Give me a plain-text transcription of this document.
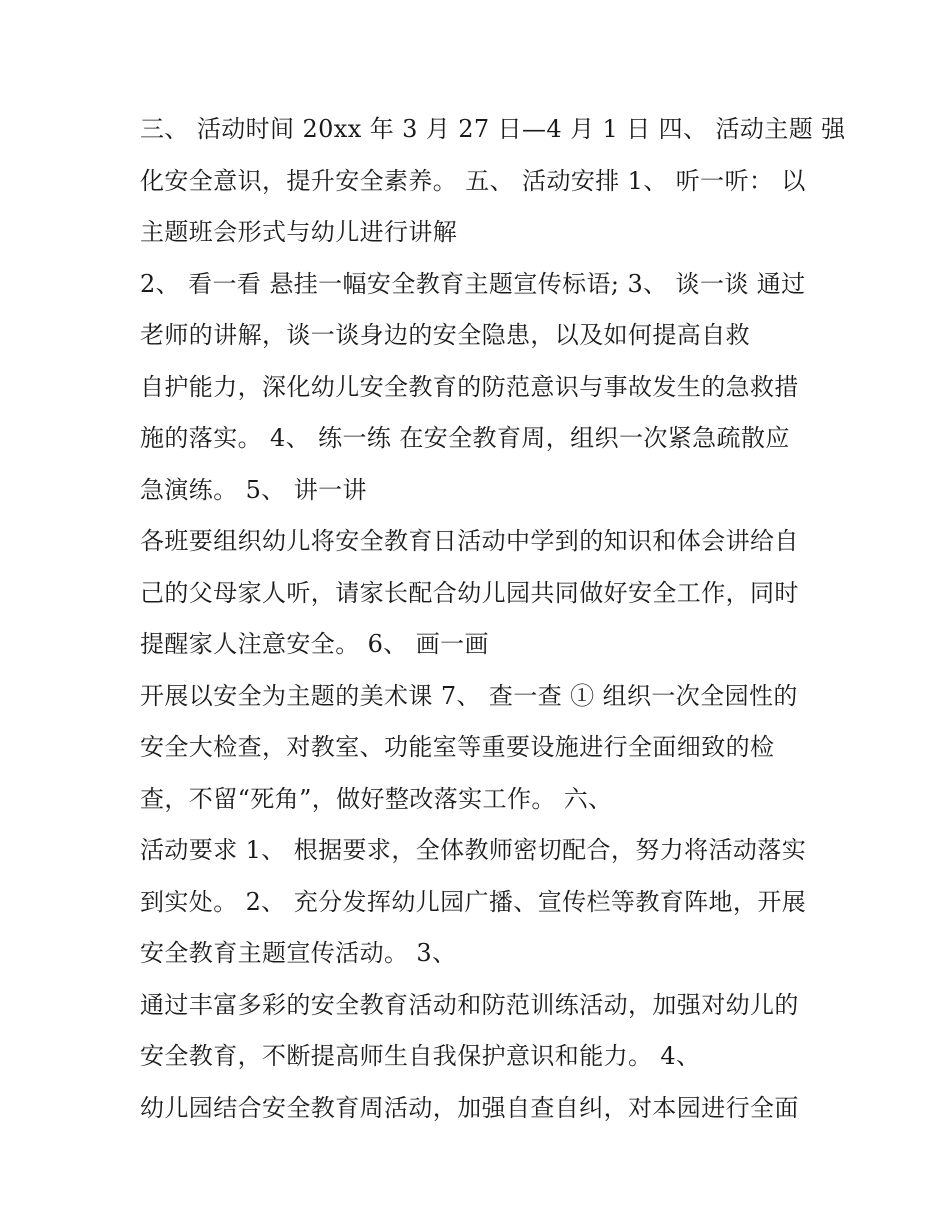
三、 活动时间 20xx 年 3 月 27 日—4 月 1 日 四、 活动主题 强
化安全意识，提升安全素养。 五、 活动安排 1、 听一听： 以
主题班会形式与幼儿进行讲解
2、 看一看 悬挂一幅安全教育主题宣传标语; 3、 谈一谈 通过
老师的讲解，谈一谈身边的安全隐患，以及如何提高自救
自护能力，深化幼儿安全教育的防范意识与事故发生的急救措
施的落实。 4、 练一练 在安全教育周，组织一次紧急疏散应
急演练。 5、 讲一讲
各班要组织幼儿将安全教育日活动中学到的知识和体会讲给自
己的父母家人听，请家长配合幼儿园共同做好安全工作，同时
提醒家人注意安全。 6、 画一画
开展以安全为主题的美术课 7、 查一查 ① 组织一次全园性的
安全大检查，对教室、功能室等重要设施进行全面细致的检
查，不留“死角”，做好整改落实工作。 六、
活动要求 1、 根据要求，全体教师密切配合，努力将活动落实
到实处。 2、 充分发挥幼儿园广播、宣传栏等教育阵地，开展
安全教育主题宣传活动。 3、
通过丰富多彩的安全教育活动和防范训练活动，加强对幼儿的
安全教育，不断提高师生自我保护意识和能力。 4、
幼儿园结合安全教育周活动，加强自查自纠，对本园进行全面
